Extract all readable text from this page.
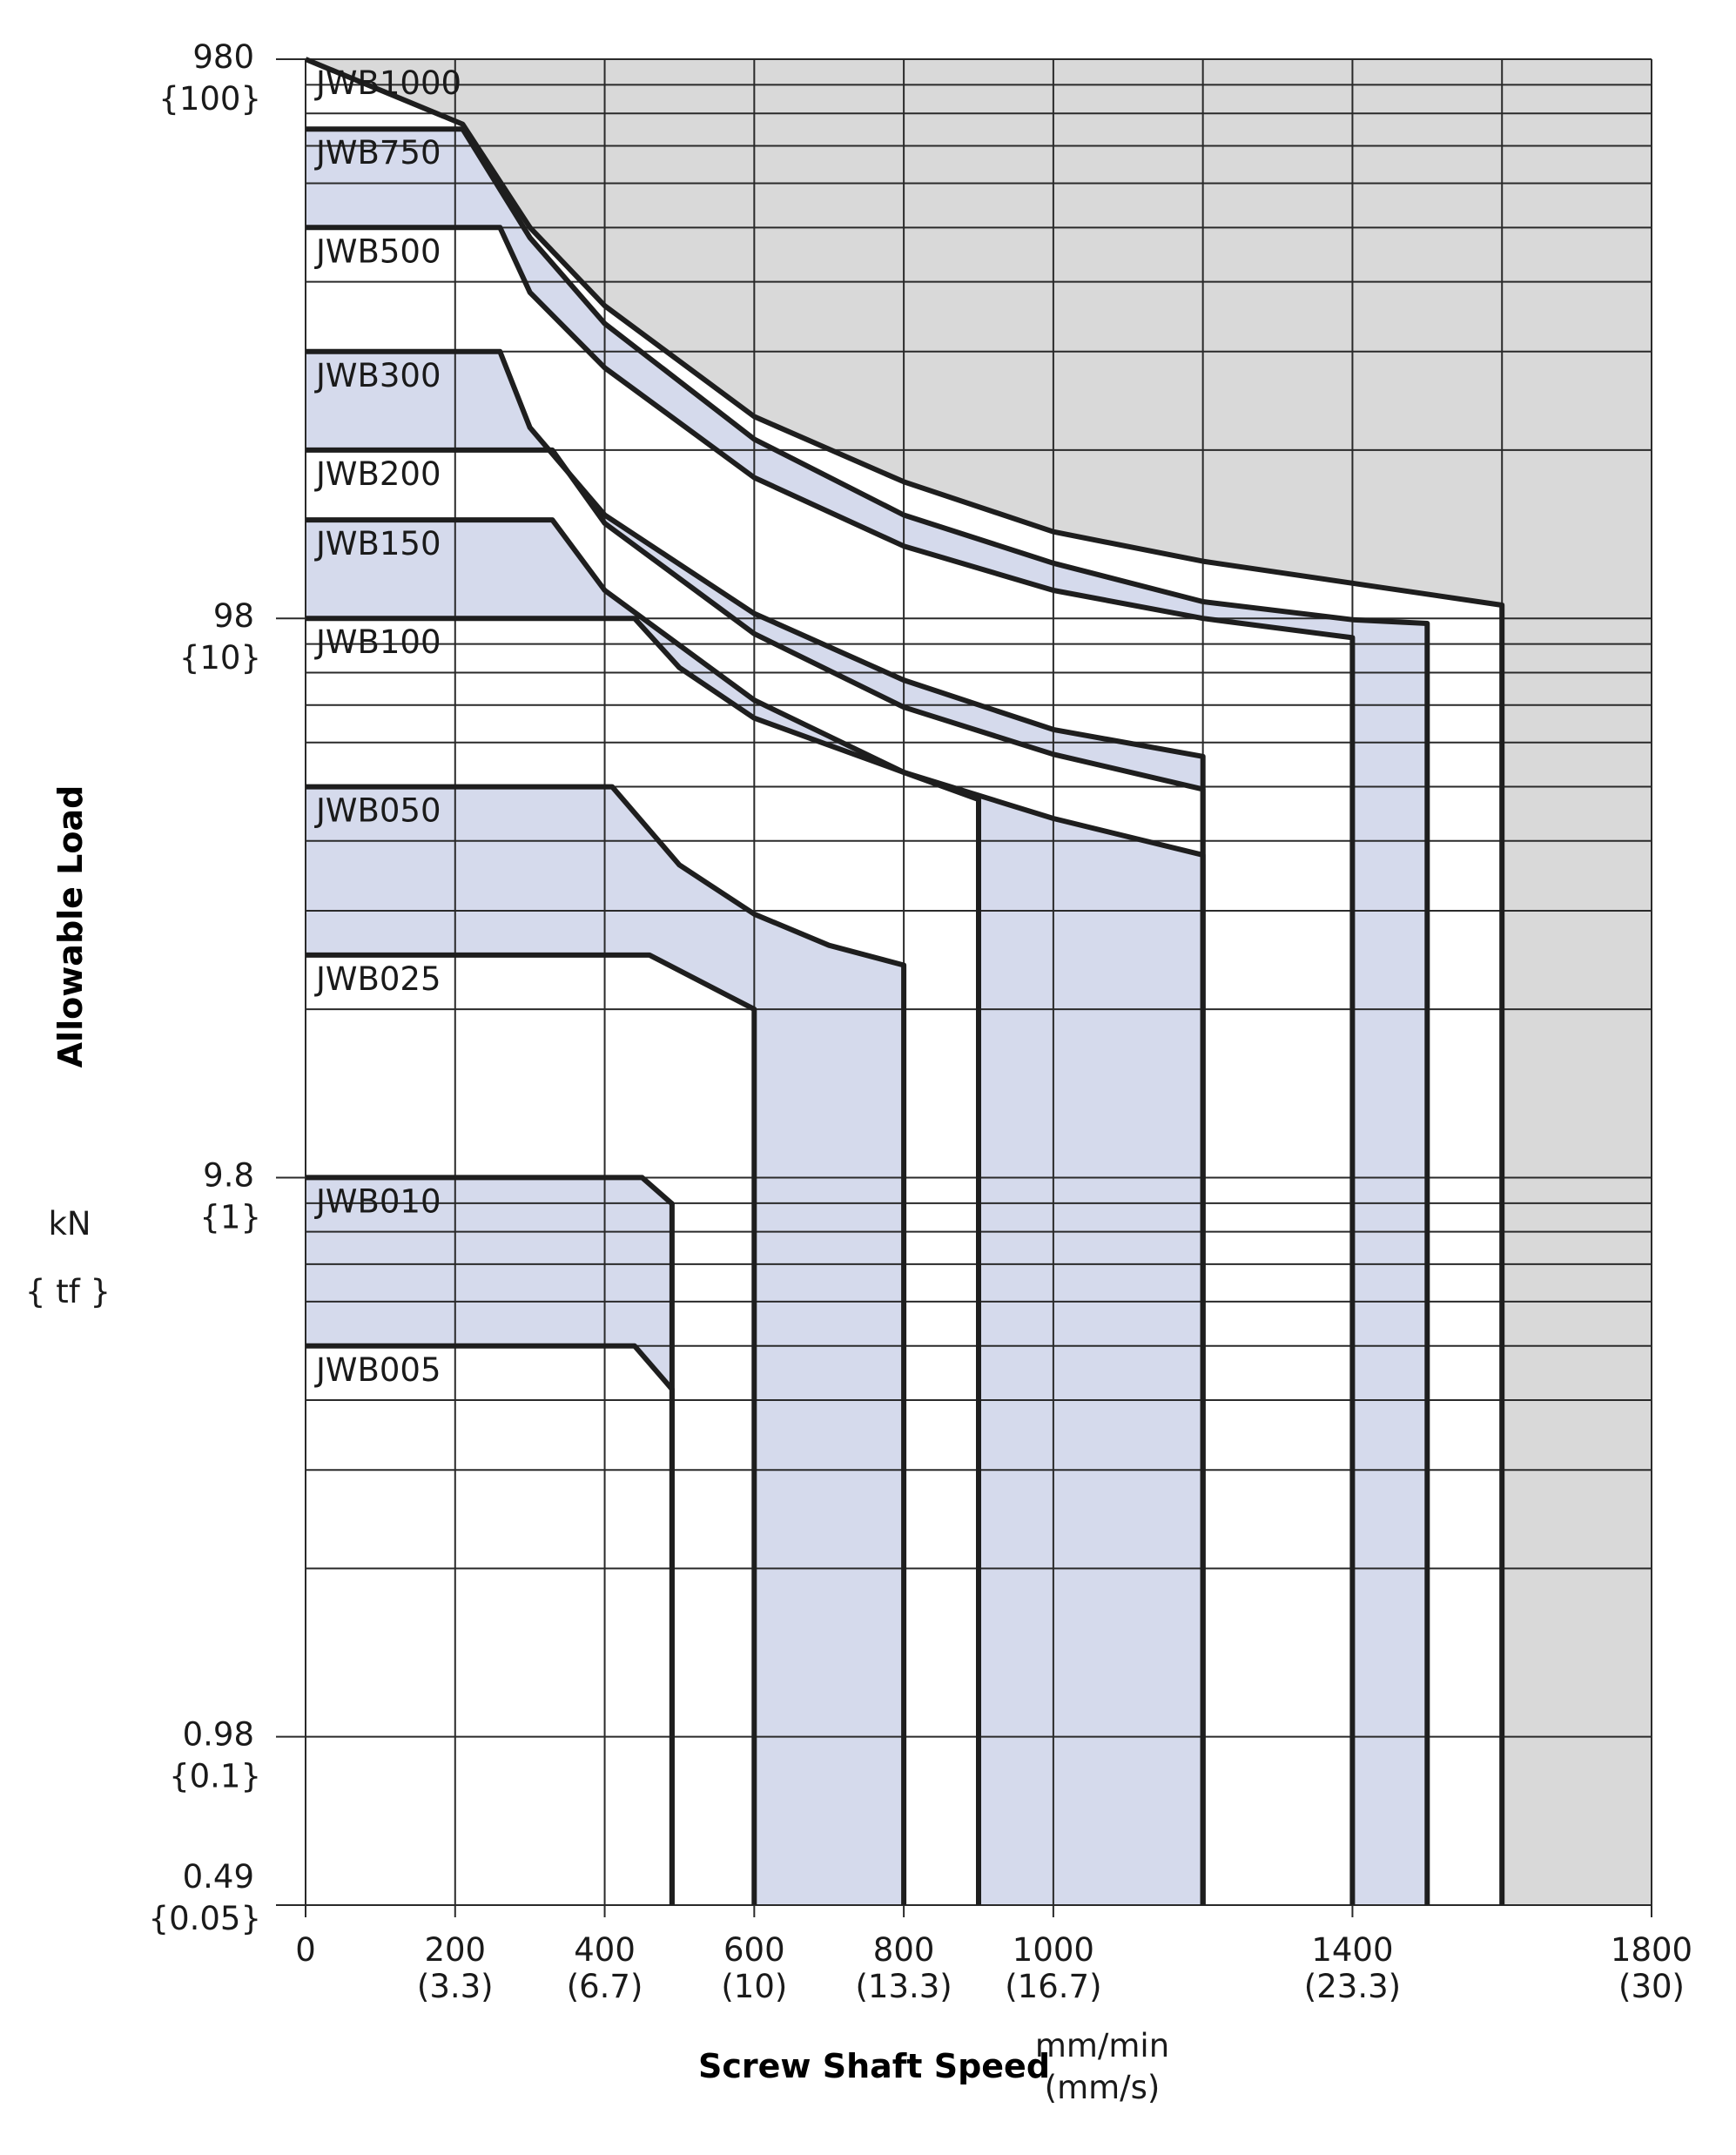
JWB1000
JWB750
JWB500
JWB300
JWB200
JWB150
JWB100
JWB050
JWB025
JWB010
JWB005
0	200
(3.3)
400
(6.7)
600
(10)
800
(13.3)
1000
(16.7)
1400
(23.3)
1800
(30)
980
{100}
98
{10}
9.8
{1}
0.98
{0.1}
0.49
{0.05}
Allowable Load
kN
{ tf }
Screw Shaft Speed
mm/min
(mm/s)
